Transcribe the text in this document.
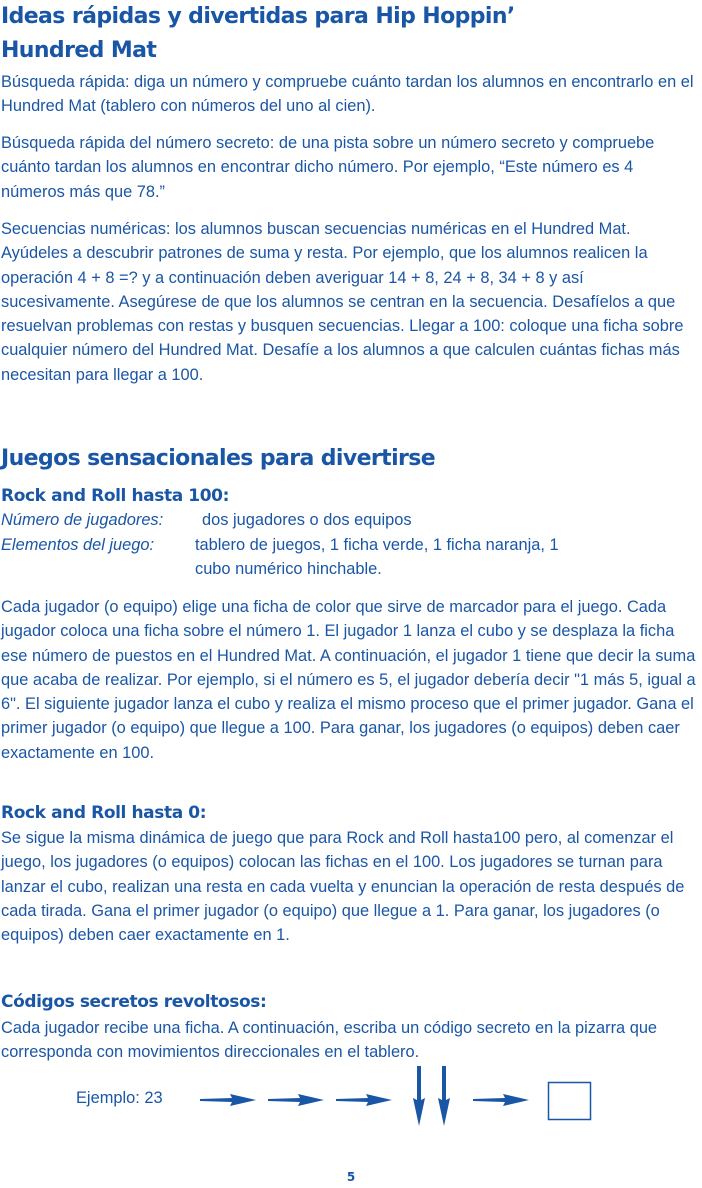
Ideas rápidas y divertidas para Hip Hoppin’
Hundred Mat

Búsqueda rápida: diga un número y compruebe cuánto tardan los alumnos en encontrarlo en el Hundred Mat (tablero con números del uno al cien).

Búsqueda rápida del número secreto: de una pista sobre un número secreto y compruebe cuánto tardan los alumnos en encontrar dicho número. Por ejemplo, “Este número es 4 números más que 78.”

Secuencias numéricas: los alumnos buscan secuencias numéricas en el Hundred Mat. Ayúdeles a descubrir patrones de suma y resta. Por ejemplo, que los alumnos realicen la operación 4 + 8 =? y a continuación deben averiguar 14 + 8, 24 + 8, 34 + 8 y así sucesivamente. Asegúrese de que los alumnos se centran en la secuencia. Desafíelos a que resuelvan problemas con restas y busquen secuencias. Llegar a 100: coloque una ficha sobre cualquier número del Hundred Mat. Desafíe a los alumnos a que calculen cuántas fichas más necesitan para llegar a 100.

Juegos sensacionales para divertirse
Rock and Roll hasta 100:
Número de jugadores: dos jugadores o dos equipos
Elementos del juego: tablero de juegos, 1 ficha verde, 1 ficha naranja, 1
cubo numérico hinchable.

Cada jugador (o equipo) elige una ficha de color que sirve de marcador para el juego. Cada jugador coloca una ficha sobre el número 1. El jugador 1 lanza el cubo y se desplaza la ficha ese número de puestos en el Hundred Mat. A continuación, el jugador 1 tiene que decir la suma que acaba de realizar. Por ejemplo, si el número es 5, el jugador debería decir "1 más 5, igual a 6". El siguiente jugador lanza el cubo y realiza el mismo proceso que el primer jugador. Gana el primer jugador (o equipo) que llegue a 100. Para ganar, los jugadores (o equipos) deben caer exactamente en 100.

Rock and Roll hasta 0:

Se sigue la misma dinámica de juego que para Rock and Roll hasta100 pero, al comenzar el juego, los jugadores (o equipos) colocan las fichas en el 100. Los jugadores se turnan para lanzar el cubo, realizan una resta en cada vuelta y enuncian la operación de resta después de cada tirada. Gana el primer jugador (o equipo) que llegue a 1. Para ganar, los jugadores (o equipos) deben caer exactamente en 1.

Códigos secretos revoltosos:

Cada jugador recibe una ficha. A continuación, escriba un código secreto en la pizarra que corresponda con movimientos direccionales en el tablero.

Ejemplo: 23
5
